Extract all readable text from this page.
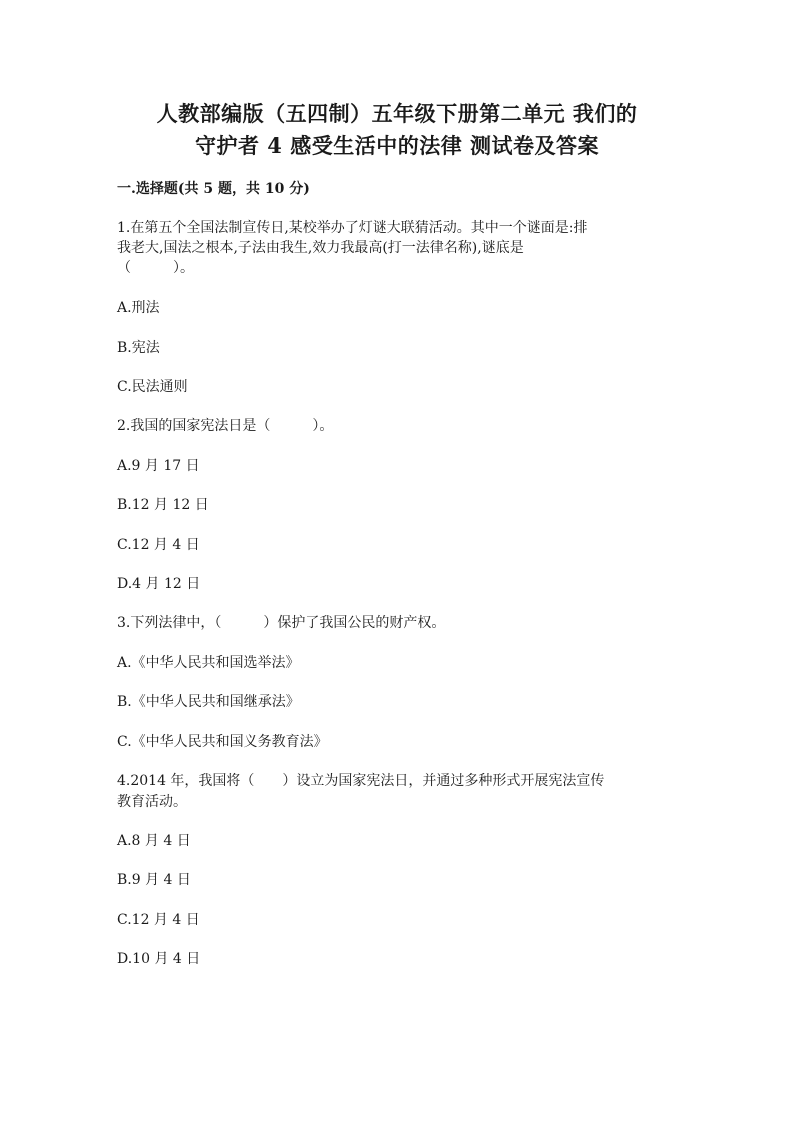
人教部编版（五四制）五年级下册第二单元 我们的
守护者 4 感受生活中的法律 测试卷及答案
一.选择题(共 5 题，共 10 分)
1.在第五个全国法制宣传日,某校举办了灯谜大联猜活动。其中一个谜面是:排
我老大,国法之根本,子法由我生,效力我最高(打一法律名称),谜底是
（　　　）。
A.刑法
B.宪法
C.民法通则
2.我国的国家宪法日是（　　　）。
A.9 月 17 日
B.12 月 12 日
C.12 月 4 日
D.4 月 12 日
3.下列法律中，（　　　）保护了我国公民的财产权。
A.《中华人民共和国选举法》
B.《中华人民共和国继承法》
C.《中华人民共和国义务教育法》
4.2014 年，我国将（　　）设立为国家宪法日，并通过多种形式开展宪法宣传
教育活动。
A.8 月 4 日
B.9 月 4 日
C.12 月 4 日
D.10 月 4 日
